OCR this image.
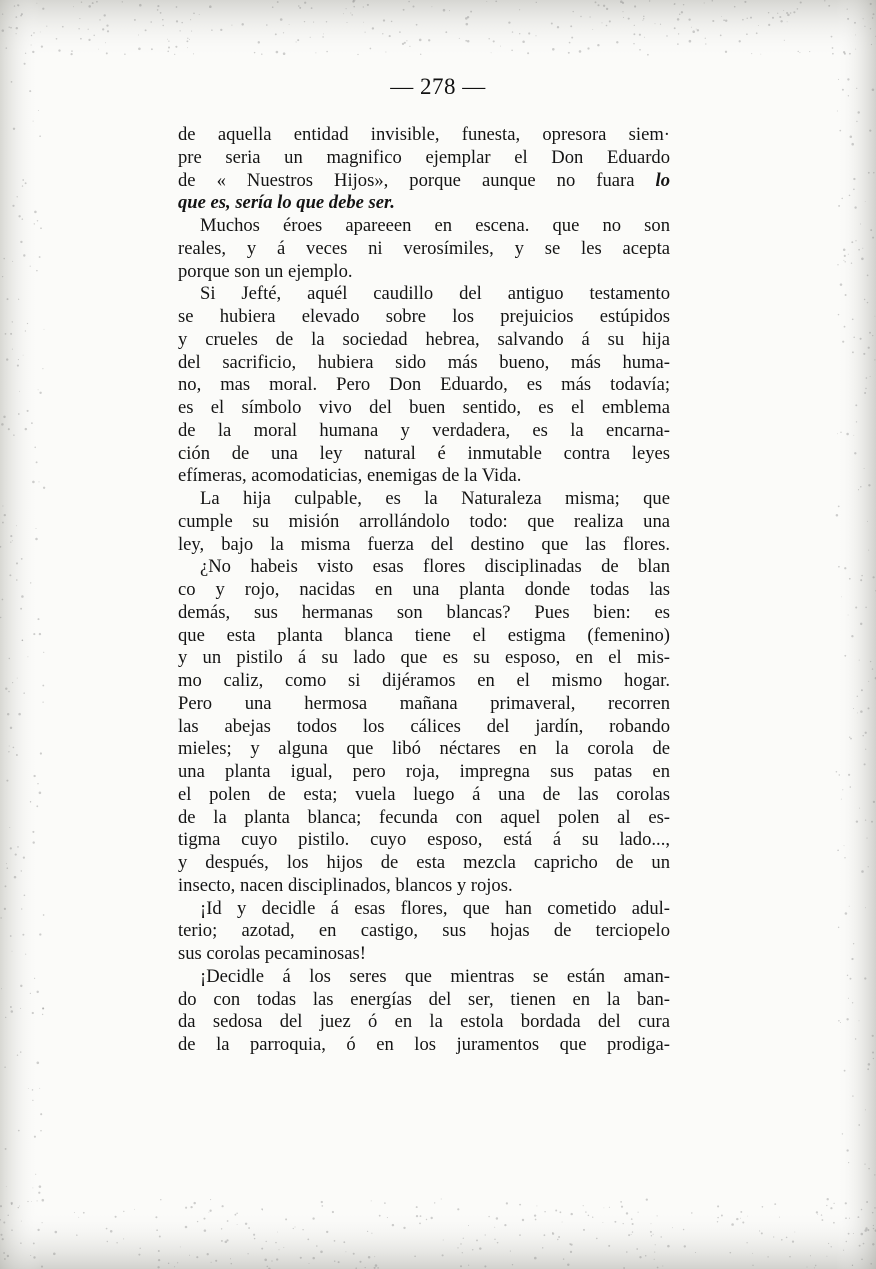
— 278 —
de aquella entidad invisible, funesta, opresora siem·
pre seria un magnifico ejemplar el Don Eduardo
de « Nuestros Hijos», porque aunque no fuara lo
que es, sería lo que debe ser.
Muchos éroes apareeen en escena. que no son
reales, y á veces ni verosímiles, y se les acepta
porque son un ejemplo.
Si Jefté, aquél caudillo del antiguo testamento
se hubiera elevado sobre los prejuicios estúpidos
y crueles de la sociedad hebrea, salvando á su hija
del sacrificio, hubiera sido más bueno, más huma-
no, mas moral. Pero Don Eduardo, es más todavía;
es el símbolo vivo del buen sentido, es el emblema
de la moral humana y verdadera, es la encarna-
ción de una ley natural é inmutable contra leyes
efímeras, acomodaticias, enemigas de la Vida.
La hija culpable, es la Naturaleza misma; que
cumple su misión arrollándolo todo: que realiza una
ley, bajo la misma fuerza del destino que las flores.
¿No habeis visto esas flores disciplinadas de blan
co y rojo, nacidas en una planta donde todas las
demás, sus hermanas son blancas? Pues bien: es
que esta planta blanca tiene el estigma (femenino)
y un pistilo á su lado que es su esposo, en el mis-
mo caliz, como si dijéramos en el mismo hogar.
Pero una hermosa mañana primaveral, recorren
las abejas todos los cálices del jardín, robando
mieles; y alguna que libó néctares en la corola de
una planta igual, pero roja, impregna sus patas en
el polen de esta; vuela luego á una de las corolas
de la planta blanca; fecunda con aquel polen al es-
tigma cuyo pistilo. cuyo esposo, está á su lado...,
y después, los hijos de esta mezcla capricho de un
insecto, nacen disciplinados, blancos y rojos.
¡Id y decidle á esas flores, que han cometido adul-
terio; azotad, en castigo, sus hojas de terciopelo
sus corolas pecaminosas!
¡Decidle á los seres que mientras se están aman-
do con todas las energías del ser, tienen en la ban-
da sedosa del juez ó en la estola bordada del cura
de la parroquia, ó en los juramentos que prodiga-
